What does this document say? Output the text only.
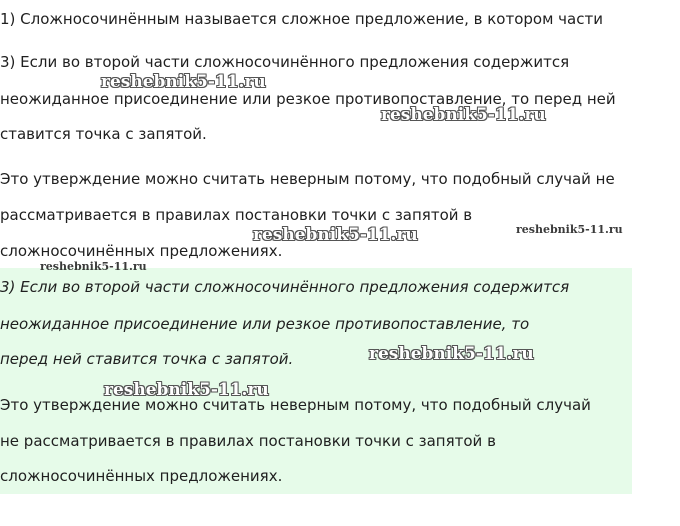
1) Сложносочинённым называется сложное предложение, в котором части

3) Если во второй части сложносочинённого предложения содержится

неожиданное присоединение или резкое противопоставление, то перед ней

ставится точка с запятой.

Это утверждение можно считать неверным потому, что подобный случай не

рассматривается в правилах постановки точки с запятой в

сложносочинённых предложениях.

3) Если во второй части сложносочинённого предложения содержится

неожиданное присоединение или резкое противопоставление, то

перед ней ставится точка с запятой.

Это утверждение можно считать неверным потому, что подобный случай

не рассматривается в правилах постановки точки с запятой в

сложносочинённых предложениях.

reshebnik5-11.ru
reshebnik5-11.ru
reshebnik5-11.ru	reshebnik5-11.ru
reshebnik5-11.ru
reshebnik5-11.ru
reshebnik5-11.ru
